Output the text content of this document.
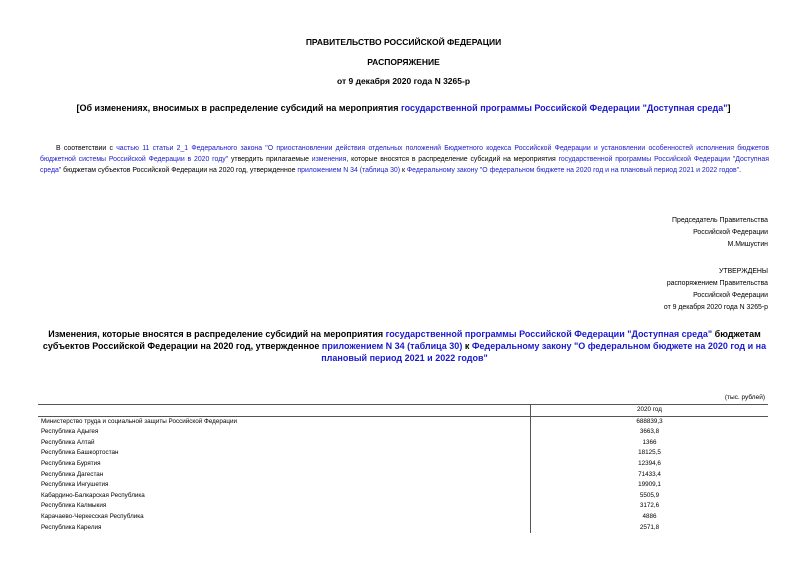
ПРАВИТЕЛЬСТВО РОССИЙСКОЙ ФЕДЕРАЦИИ
РАСПОРЯЖЕНИЕ
от 9 декабря 2020 года N 3265-р
[Об изменениях, вносимых в распределение субсидий на мероприятия государственной программы Российской Федерации "Доступная среда"]
В соответствии с частью 11 статьи 2_1 Федерального закона "О приостановлении действия отдельных положений Бюджетного кодекса Российской Федерации и установлении особенностей исполнения бюджетов бюджетной системы Российской Федерации в 2020 году" утвердить прилагаемые изменения, которые вносятся в распределение субсидий на мероприятия государственной программы Российской Федерации "Доступная среда" бюджетам субъектов Российской Федерации на 2020 год, утвержденное приложением N 34 (таблица 30) к Федеральному закону "О федеральном бюджете на 2020 год и на плановый период 2021 и 2022 годов".
Председатель Правительства
Российской Федерации
М.Мишустин
УТВЕРЖДЕНЫ
распоряжением Правительства
Российской Федерации
от 9 декабря 2020 года N 3265-р
Изменения, которые вносятся в распределение субсидий на мероприятия государственной программы Российской Федерации "Доступная среда" бюджетам субъектов Российской Федерации на 2020 год, утвержденное приложением N 34 (таблица 30) к Федеральному закону "О федеральном бюджете на 2020 год и на плановый период 2021 и 2022 годов"
(тыс. рублей)
	2020 год
Министерство труда и социальной защиты Российской Федерации	688839,3
Республика Адыгея	3663,8
Республика Алтай	1366
Республика Башкортостан	18125,5
Республика Бурятия	12394,6
Республика Дагестан	71433,4
Республика Ингушетия	19909,1
Кабардино-Балкарская Республика	5505,9
Республика Калмыкия	3172,6
Карачаево-Черкесская Республика	4886
Республика Карелия	2571,8
